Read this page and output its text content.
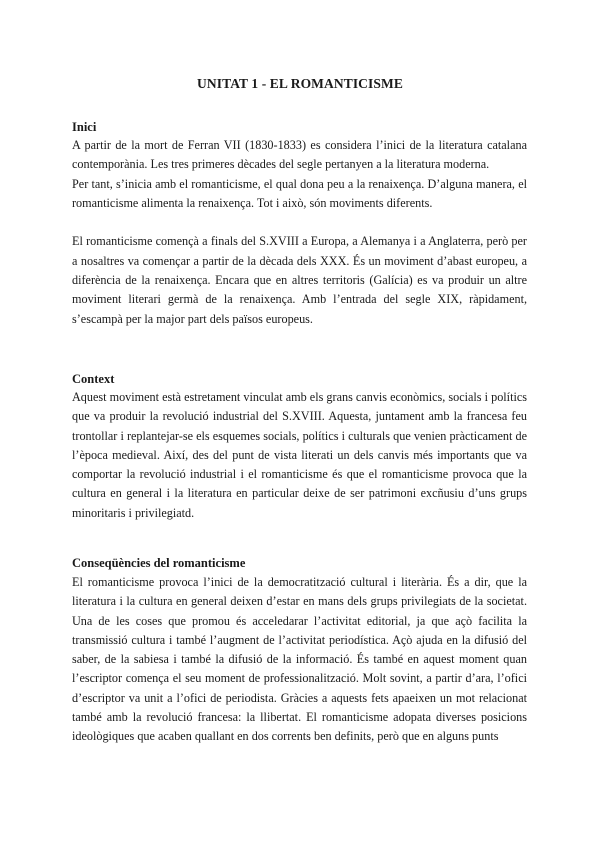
UNITAT 1 - EL ROMANTICISME
Inici

A partir de la mort de Ferran VII (1830-1833) es considera l’inici de la literatura catalana contemporània. Les tres primeres dècades del segle pertanyen a la literatura moderna.

Per tant, s’inicia amb el romanticisme, el qual dona peu a la renaixença. D’alguna manera, el romanticisme alimenta la renaixença. Tot i això, són moviments diferents.

El romanticisme començà a finals del S.XVIII a Europa, a Alemanya i a Anglaterra, però per a nosaltres va començar a partir de la dècada dels XXX. És un moviment d’abast europeu, a diferència de la renaixença. Encara que en altres territoris (Galícia) es va produir un altre moviment literari germà de la renaixença. Amb l’entrada del segle XIX, ràpidament, s’escampà per la major part dels països europeus.

Context

Aquest moviment està estretament vinculat amb els grans canvis econòmics, socials i polítics que va produir la revolució industrial del S.XVIII. Aquesta, juntament amb la francesa feu trontollar i replantejar-se els esquemes socials, polítics i culturals que venien pràcticament de l’època medieval. Així, des del punt de vista literati un dels canvis més importants que va comportar la revolució industrial i el romanticisme és que el romanticisme provoca que la cultura en general i la literatura en particular deixe de ser patrimoni excñusiu d’uns grups minoritaris i privilegiatd.

Conseqüències del romanticisme

El romanticisme provoca l’inici de la democratització cultural i literària. És a dir, que la literatura i la cultura en general deixen d’estar en mans dels grups privilegiats de la societat. Una de les coses que promou és acceledarar l’activitat editorial, ja que açò facilita la transmissió cultura i també l’augment de l’activitat periodística. Açò ajuda en la difusió del saber, de la sabiesa i també la difusió de la informació. És també en aquest moment quan l’escriptor comença el seu moment de professionalització. Molt sovint, a partir d’ara, l’ofici d’escriptor va unit a l’ofici de periodista. Gràcies a aquests fets apaeixen un mot relacionat també amb la revolució francesa: la llibertat. El romanticisme adopata diverses posicions ideològiques que acaben quallant en dos corrents ben definits, però que en alguns punts
